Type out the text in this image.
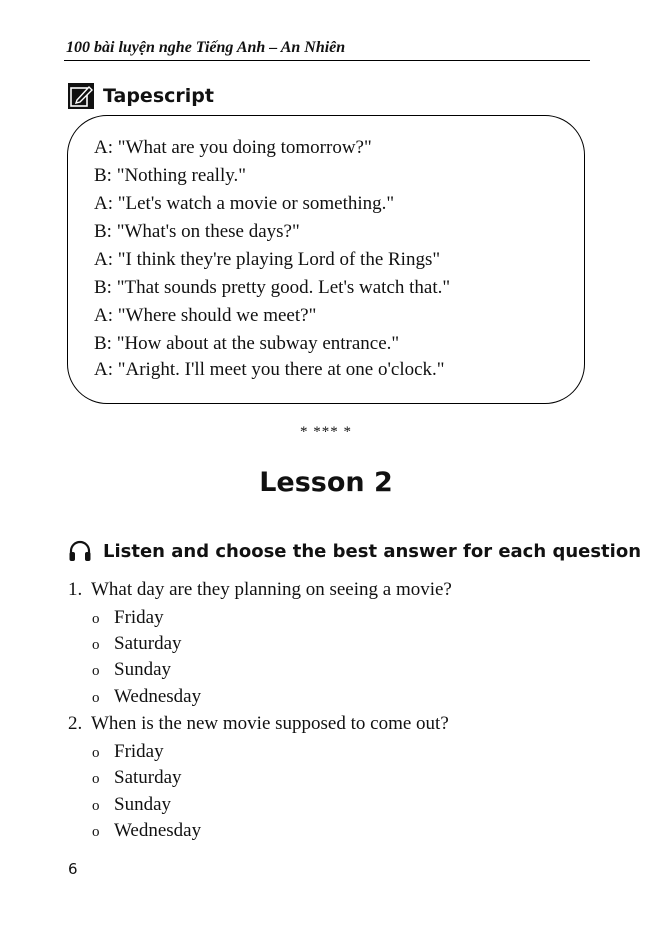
100 bài luyện nghe Tiếng Anh – An Nhiên
Tapescript
A: "What are you doing tomorrow?"
B: "Nothing really."
A: "Let's watch a movie or something."
B: "What's on these days?"
A: "I think they're playing Lord of the Rings"
B: "That sounds pretty good. Let's watch that."
A: "Where should we meet?"
B: "How about at the subway entrance."
A: "Aright. I'll meet you there at one o'clock."
* *** *
Lesson 2
Listen and choose the best answer for each question
1. What day are they planning on seeing a movie?
o Friday
o Saturday
o Sunday
o Wednesday
2. When is the new movie supposed to come out?
o Friday
o Saturday
o Sunday
o Wednesday
6
